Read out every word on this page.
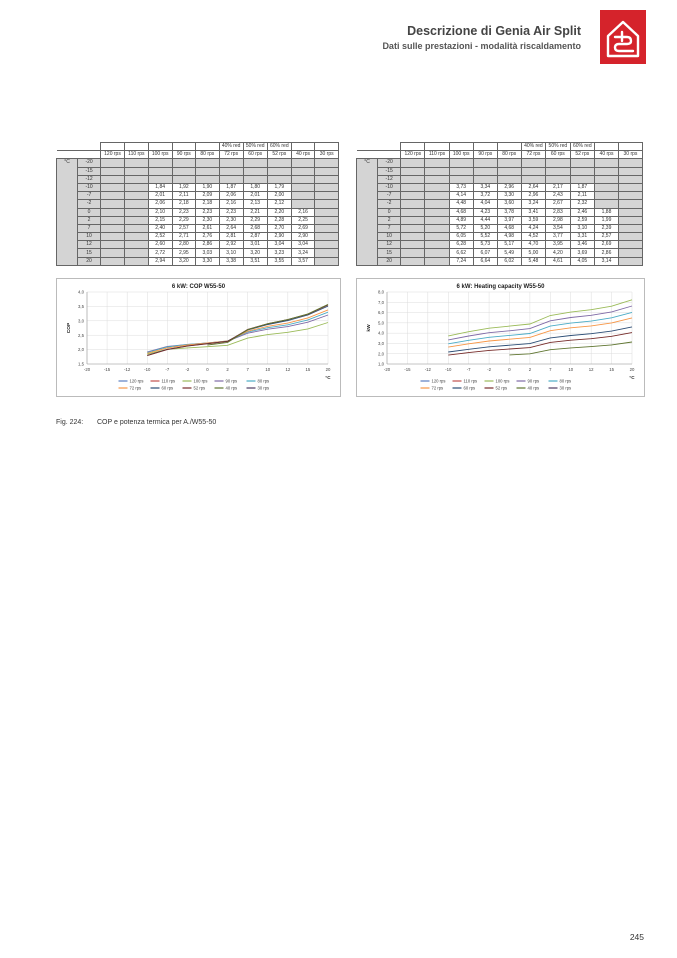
Descrizione di Genia Air Split
Dati sulle prestazioni - modalità riscaldamento
							40% red	50% red	60% red		
		120 rps	110 rps	100 rps	90 rps	80 rps	72 rps	60 rps	52 rps	40 rps	30 rps
°C	-20										
	-15										
	-12										
	-10			1,84	1,92	1,90	1,87	1,80	1,79		
	-7			2,01	2,11	2,09	2,06	2,01	2,00		
	-2			2,06	2,18	2,18	2,16	2,13	2,12		
	0			2,10	2,23	2,23	2,23	2,21	2,20	2,16	
	2			2,15	2,29	2,30	2,30	2,29	2,28	2,25	
	7			2,40	2,57	2,61	2,64	2,68	2,70	2,69	
	10			2,52	2,71	2,76	2,81	2,87	2,90	2,90	
	12			2,60	2,80	2,86	2,92	3,01	3,04	3,04	
	15			2,72	2,95	3,03	3,10	3,20	3,23	3,24	
	20			2,94	3,20	3,30	3,38	3,51	3,55	3,57	
							40% red	50% red	60% red		
		120 rps	110 rps	100 rps	90 rps	80 rps	72 rps	60 rps	52 rps	40 rps	30 rps
°C	-20										
	-15										
	-12										
	-10			3,73	3,34	2,96	2,64	2,17	1,87		
	-7			4,14	3,72	3,30	2,96	2,43	2,11		
	-2			4,48	4,04	3,60	3,24	2,67	2,32		
	0			4,68	4,23	3,78	3,41	2,83	2,46	1,88	
	2			4,89	4,44	3,97	3,59	2,98	2,59	1,99	
	7			5,72	5,20	4,68	4,24	3,54	3,10	2,39	
	10			6,05	5,52	4,98	4,52	3,77	3,31	2,57	
	12			6,28	5,73	5,17	4,70	3,95	3,46	2,69	
	15			6,62	6,07	5,49	5,00	4,20	3,69	2,86	
	20			7,24	6,64	6,02	5,48	4,61	4,05	3,14	
6 kW: COP W55-50
COP
1,5
2,0
2,5
3,0
3,5
4,0
-20	-15	-12	-10	-7	-2	0	2	7	10	12	15	20
°C
120 rps	110 rps	100 rps	90 rps	80 rps
72 rps	60 rps	52 rps	40 rps	30 rps
6 kW: Heating capacity W55-50
kW
1,0
2,0
3,0
4,0
5,0
6,0
7,0
8,0
-20	-15	-12	-10	-7	-2	0	2	7	10	12	15	20
°C
120 rps	110 rps	100 rps	90 rps	80 rps
72 rps	60 rps	52 rps	40 rps	30 rps
Fig. 224: COP e potenza termica per A./W55-50
245
